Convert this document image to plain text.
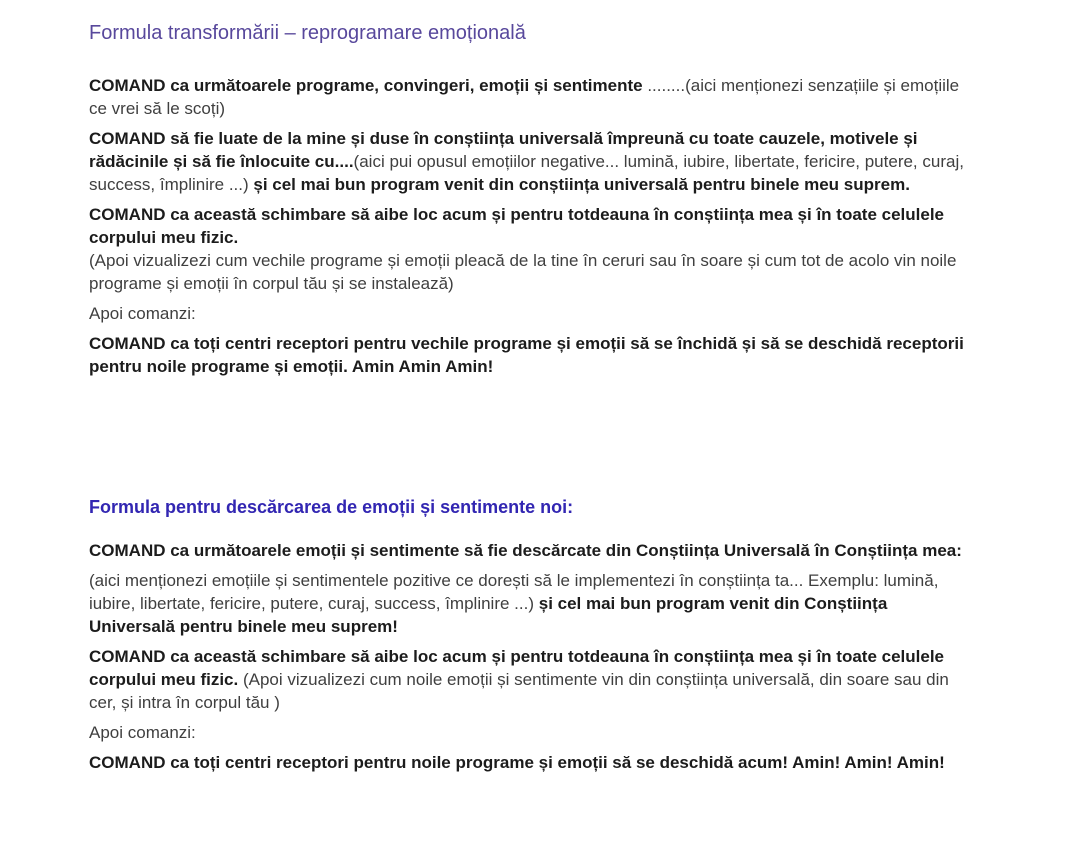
Formula transformării – reprogramare emoțională

COMAND ca următoarele programe, convingeri, emoții și sentimente ........(aici menționezi senzațiile și emoțiile ce vrei să le scoți)

COMAND să fie luate de la mine și duse în conștiința universală împreună cu toate cauzele, motivele și rădăcinile și să fie înlocuite cu....(aici pui opusul emoțiilor negative... lumină, iubire, libertate, fericire, putere, curaj, success, împlinire ...) și cel mai bun program venit din conștiința universală pentru binele meu suprem.

COMAND ca această schimbare să aibe loc acum și pentru totdeauna în conștiința mea și în toate celulele corpului meu fizic.
(Apoi vizualizezi cum vechile programe și emoții pleacă de la tine în ceruri sau în soare și cum tot de acolo vin noile programe și emoții în corpul tău și se instalează)

Apoi comanzi:

COMAND ca toți centri receptori pentru vechile programe și emoții să se închidă și să se deschidă receptorii pentru noile programe și emoții. Amin Amin Amin!

Formula pentru descărcarea de emoții și sentimente noi:

COMAND ca următoarele emoții și sentimente să fie descărcate din Conștiința Universală în Conștiința mea:

(aici menționezi emoțiile și sentimentele pozitive ce dorești să le implementezi în conștiința ta... Exemplu: lumină, iubire, libertate, fericire, putere, curaj, success, împlinire ...) și cel mai bun program venit din Conștiința Universală pentru binele meu suprem!

COMAND ca această schimbare să aibe loc acum și pentru totdeauna în conștiința mea și în toate celulele corpului meu fizic. (Apoi vizualizezi cum noile emoții și sentimente vin din conștiința universală, din soare sau din cer, și intra în corpul tău )

Apoi comanzi:

COMAND ca toți centri receptori pentru noile programe și emoții să se deschidă acum! Amin! Amin! Amin!
